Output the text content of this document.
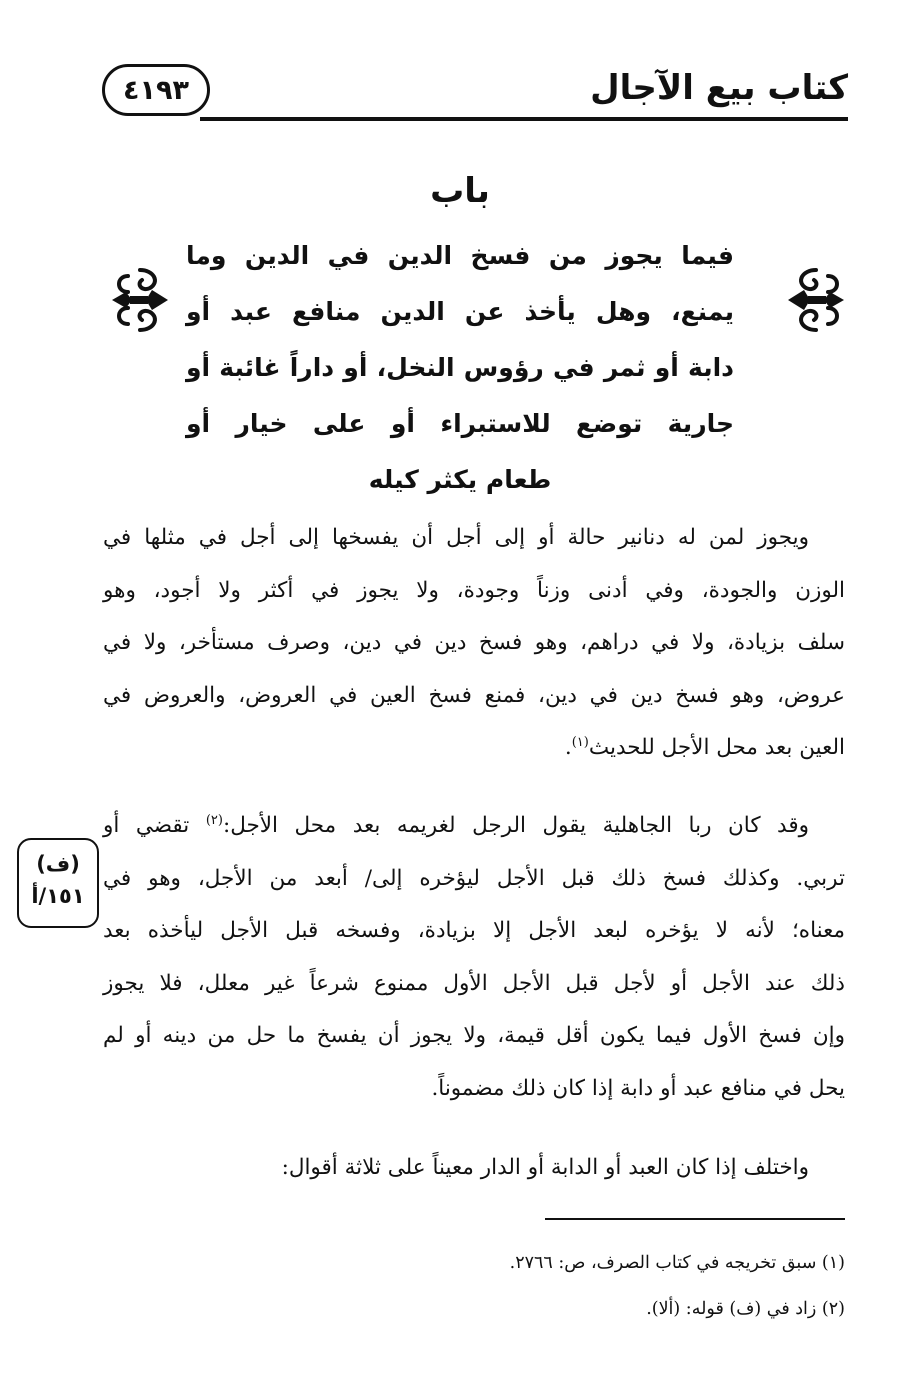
كتاب بيع الآجال
٤١٩٣
باب
فيما يجوز من فسخ الدين في الدين وما
يمنع، وهل يأخذ عن الدين منافع عبد أو
دابة أو ثمر في رؤوس النخل، أو داراً غائبة أو
جارية توضع للاستبراء أو على خيار أو
طعام يكثر كيله

ويجوز لمن له دنانير حالة أو إلى أجل أن يفسخها إلى أجل في مثلها في
الوزن والجودة، وفي أدنى وزناً وجودة، ولا يجوز في أكثر ولا أجود، وهو
سلف بزيادة، ولا في دراهم، وهو فسخ دين في دين، وصرف مستأخر، ولا في
عروض، وهو فسخ دين في دين، فمنع فسخ العين في العروض، والعروض في
العين بعد محل الأجل للحديث$^{(١)}$.

وقد كان ربا الجاهلية يقول الرجل لغريمه بعد محل الأجل:$^{(٢)}$ تقضي أو
تربي. وكذلك فسخ ذلك قبل الأجل ليؤخره إلى/ أبعد من الأجل، وهو في
معناه؛ لأنه لا يؤخره لبعد الأجل إلا بزيادة، وفسخه قبل الأجل ليأخذه بعد
ذلك عند الأجل أو لأجل قبل الأجل الأول ممنوع شرعاً غير معلل، فلا يجوز
وإن فسخ الأول فيما يكون أقل قيمة، ولا يجوز أن يفسخ ما حل من دينه أو لم
يحل في منافع عبد أو دابة إذا كان ذلك مضموناً.

(ف)
١٥١/أ

واختلف إذا كان العبد أو الدابة أو الدار معيناً على ثلاثة أقوال:

(١) سبق تخريجه في كتاب الصرف، ص: ٢٧٦٦.
(٢) زاد في (ف) قوله: (ألا).
